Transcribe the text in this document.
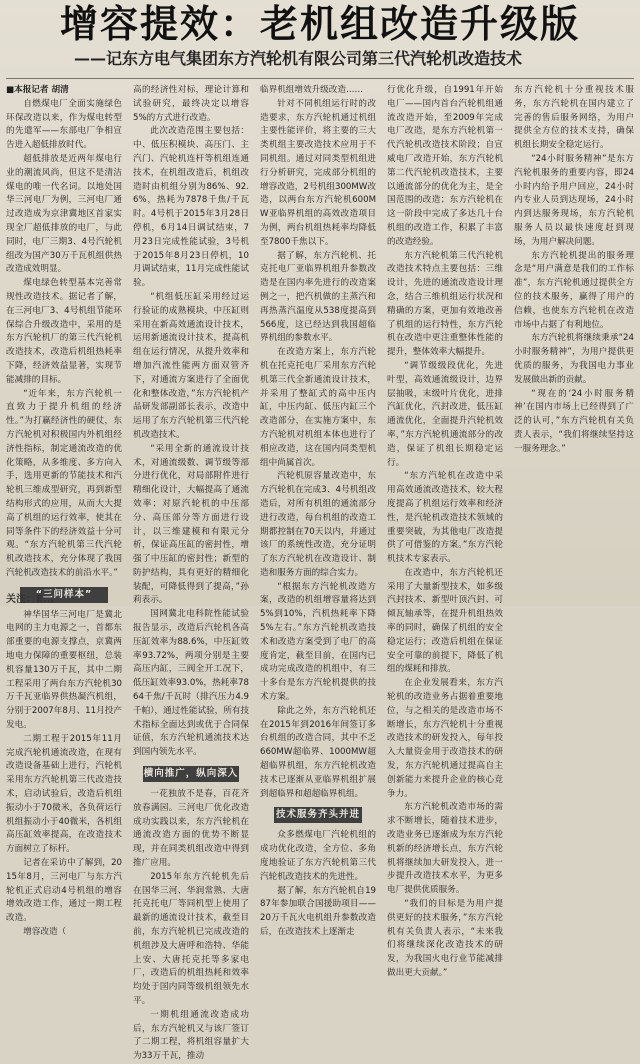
增容提效：老机组改造升级版
——记东方电气集团东方汽轮机有限公司第三代汽轮机改造技术

■本报记者 胡清

自燃煤电厂全面实施绿色环保改造以来，作为煤电转型的先遣军——东部电厂争相宣告进入超低排放时代。

超低排放是近两年煤电行业的潮流风尚，但这不是清洁煤电的唯一代名词。以地处国华三河电厂为例，三河电厂通过改造成为京津冀地区首家实现全厂超低排放的电厂，与此同时，电厂三期3、4号汽轮机组改为国产30万千瓦机组供热改造成效明显。

煤电绿色转型基本完善常规性改造技术。据记者了解，在三河电厂3、4号机组节能环保综合升级改造中，采用的是东方汽轮机厂的第三代汽轮机改造技术，改造后机组热耗率下降，经济效益显著，实现节能减排的目标。

“近年来，东方汽轮机一直致力于提升机组的经济性。”为打赢经济性的硬仗，东方汽轮机对积极国内外机组经济性指标，制定通流改造的优化策略，从多维度、多方向入手，选用更新的节能技术和汽轮机三维成型研究，再到新型结构形式的应用，从而大大提高了机组的运行效率，使其在同等条件下的经济效益十分可观。“东方汽轮机第三代汽轮机改造技术，充分体现了我国汽轮机改造技术的前沿水平。”

“三问样本”

神华国华三河电厂是冀北电网的主力电源之一，首都东部重要的电源支撑点，京冀两地电力保障的重要枢纽，总装机容量130万千瓦，其中二期工程采用了两台东方汽轮机30万千瓦亚临界供热凝汽机组，分别于2007年8月、11月投产发电。

二期工程于2015年11月完成汽轮机通流改造，在现有改造设备基础上进行，汽轮机采用东方汽轮机第三代改造技术，启动试验后，改造后机组振动小于70微米，各负荷运行机组振动小于40微米，各机组高压缸效率提高，在改造技术方面树立了标杆。

记者在采访中了解到，2015年8月，三河电厂与东方汽轮机正式启动4号机组的增容增效改造工作，通过一期工程改造。

增容改造（

高的经济性对标，理论计算和试验研究，最终决定以增容5%的方式进行改造。

此次改造范围主要包括：中、低压积模块、高压门、主汽门、汽轮机连杆等机组连通技术，在机组改造后，机组改造时由机组分别为86%、92.6%，热耗为7878千焦/千瓦时。4号机于2015年3月28日停机，6月14日调试结束，7月23日完成性能试验，3号机于2015年8月23日停机，10月调试结束，11月完成性能试验。

“机组低压缸采用经过运行验证的成熟模块，中压缸则采用在新高效通流设计技术，运用新通流设计技术，提高机组在运行情况，从提升效率和增加汽流性能两方面双管齐下，对通流方案进行了全面优化和整体改造，”东方汽轮机产品研发部副部长表示，改造中运用了东方汽轮机第三代汽轮机改造技术。

“采用全新的通流设计技术，对通流级数、调节级等部分进行优化，对局部附件进行精细化设计，大幅提高了通流效率；对原汽轮机的中压部分、高压部分等方面进行设计，以三维建模和有限元分析，保证高压缸的密封性，增强了中压缸的密封性；新型的防护结构，具有更好的精细化装配，可降低得到了提高，”孙莉表示。

国网冀北电科院性能试验报告显示，改造后汽轮机各高压缸效率为88.6%，中压缸效率93.72%，两项分别是主要高压内缸，三阀全开工况下，低压缸效率93.0%，热耗率7864千焦/千瓦时（排汽压力4.9千帕），通过性能试验，所有技术指标全面达到或优于合同保证值，东方汽轮机通流技术达到国内领先水平。

横向推广，纵向深入

一花独放不是春，百花齐放春满园。三河电厂优化改造成功实践以来，东方汽轮机在通流改造方面的优势不断显现，并在同类机组改造中得到推广应用。

2015年东方汽轮机先后在国华三河、华润常熟、大唐托克托电厂等同机型上使用了最新的通流设计技术，截至目前，东方汽轮机已完成改造的机组涉及大唐呼和浩特、华能上安、大唐托克托等多家电厂，改造后的机组热耗和效率均处于国内同等级机组领先水平。

一期机组通流改造成功后，东方汽轮机又与该厂签订了二期工程，将机组容量扩大为33万千瓦，推动

临界机组增效升级改造……

针对不同机组运行时的改造要求，东方汽轮机通过机组主要性能评价，将主要的三大类机组主要改造技术应用于不同机组。通过对同类型机组进行分析研究，完成部分机组的增容改造，2号机组300MW改造，以两台东方汽轮机600MW亚临界机组的高效改造项目为例，两台机组热耗率均降低至7800千焦以下。

据了解，东方汽轮机、托克托电厂亚临界机组升参数改造是在国内率先进行的改造案例之一，把汽机做的主蒸汽和再热蒸汽温度从538度提高到566度，这已经达到我国超临界机组的参数水平。

在改造方案上，东方汽轮机在托克托电厂采用东方汽轮机第三代全新通流设计技术，并采用了整缸式的高中压内缸，中压内缸、低压内缸三个改造部分，在实施方案中，东方汽轮机对机组本体也进行了相应改造，这在国内同类型机组中尚属首次。

汽轮机原容量改造中，东方汽轮机在完成3、4号机组改造后，对所有机组的通流部分进行改造，每台机组的改造工期都控制在70天以内，并通过该厂的系统性改造，充分证明了东方汽轮机在改造设计、制造和服务方面的综合实力。

“根据东方汽轮机改造方案，改造的机组增容量将达到5%到10%，汽机热耗率下降5%左右。”东方汽轮机改造技术和改造方案受到了电厂的高度肯定，截至目前，在国内已成功完成改造的机组中，有三十多台是东方汽轮机提供的技术方案。

除此之外，东方汽轮机还在2015年到2016年间签订多台机组的改造合同，其中不乏660MW超临界、1000MW超超临界机组，东方汽轮机改造技术已逐渐从亚临界机组扩展到超临界和超超临界机组。

技术服务齐头并进

众多燃煤电厂汽轮机组的成功优化改造，全方位、多角度地验证了东方汽轮机第三代汽轮机改造技术的先进性。

据了解，东方汽轮机自1987年参加联合国援助项目——20万千瓦火电机组升参数改造后，在改造技术上逐渐走

行优化升级，自1991年开始电厂——国内首台汽轮机组通流改造开始，至2009年完成电厂改造，是东方汽轮机第一代汽轮机改造技术阶段；自宣威电厂改造开始，东方汽轮机第二代汽轮机改造技术，主要以通流部分的优化为主，是全国范围的改造；东方汽轮机在这一阶段中完成了多达几十台机组的改造工作，积累了丰富的改造经验。

东方汽轮机第三代汽轮机改造技术特点主要包括：三维设计，先进的通流改造设计理念，结合三维机组运行状况和精确的方案，更加有效地改善了机组的运行特性，东方汽轮机在改造中更注重整体性能的提升，整体效率大幅提升。

“调节级级段优化，先进叶型，高效通流级设计，边界层抽吸，末级叶片优化，进排汽缸优化，汽封改进，低压缸通流优化，全面提升汽轮机效率，”东方汽轮机通流部分的改造，保证了机组长期稳定运行。

“东方汽轮机在改造中采用高效通流改造技术，较大程度提高了机组运行效率和经济性，是汽轮机改造技术领域的重要突破，为其他电厂改造提供了可借鉴的方案。”东方汽轮机技术专家表示。

在改造中，东方汽轮机还采用了大量新型技术，如多级汽封技术、新型叶顶汽封、可倾瓦轴承等，在提升机组热效率的同时，确保了机组的安全稳定运行；改造后机组在保证安全可靠的前提下，降低了机组的煤耗和排放。

在企业发展看来，东方汽轮机的改造业务占据着重要地位，与之相关的是改造市场不断增长，东方汽轮机十分重视改造技术的研发投入，每年投入大量资金用于改造技术的研发，东方汽轮机通过提高自主创新能力来提升企业的核心竞争力。

东方汽轮机改造市场的需求不断增长，随着技术进步，改造业务已逐渐成为东方汽轮机新的经济增长点，东方汽轮机将继续加大研发投入，进一步提升改造技术水平，为更多电厂提供优质服务。

“我们的目标是为用户提供更好的技术服务，”东方汽轮机有关负责人表示，“未来我们将继续深化改造技术的研发，为我国火电行业节能减排做出更大贡献。”

东方汽轮机十分重视技术服务，东方汽轮机在国内建立了完善的售后服务网络，为用户提供全方位的技术支持，确保机组长期安全稳定运行。

“24小时服务精神”是东方汽轮机服务的重要内容，即24小时内给予用户回应，24小时内专业人员到达现场，24小时内到达服务现场，东方汽轮机服务人员以最快速度赶到现场，为用户解决问题。

东方汽轮机提出的服务理念是“用户满意是我们的工作标准”，东方汽轮机通过提供全方位的技术服务，赢得了用户的信赖，也使东方汽轮机在改造市场中占据了有利地位。

东方汽轮机将继续秉承“24小时服务精神”，为用户提供更优质的服务，为我国电力事业发展做出新的贡献。

“现在的‘24小时服务精神’在国内市场上已经得到了广泛的认可，”东方汽轮机有关负责人表示，“我们将继续坚持这一服务理念。”

关注：E...
